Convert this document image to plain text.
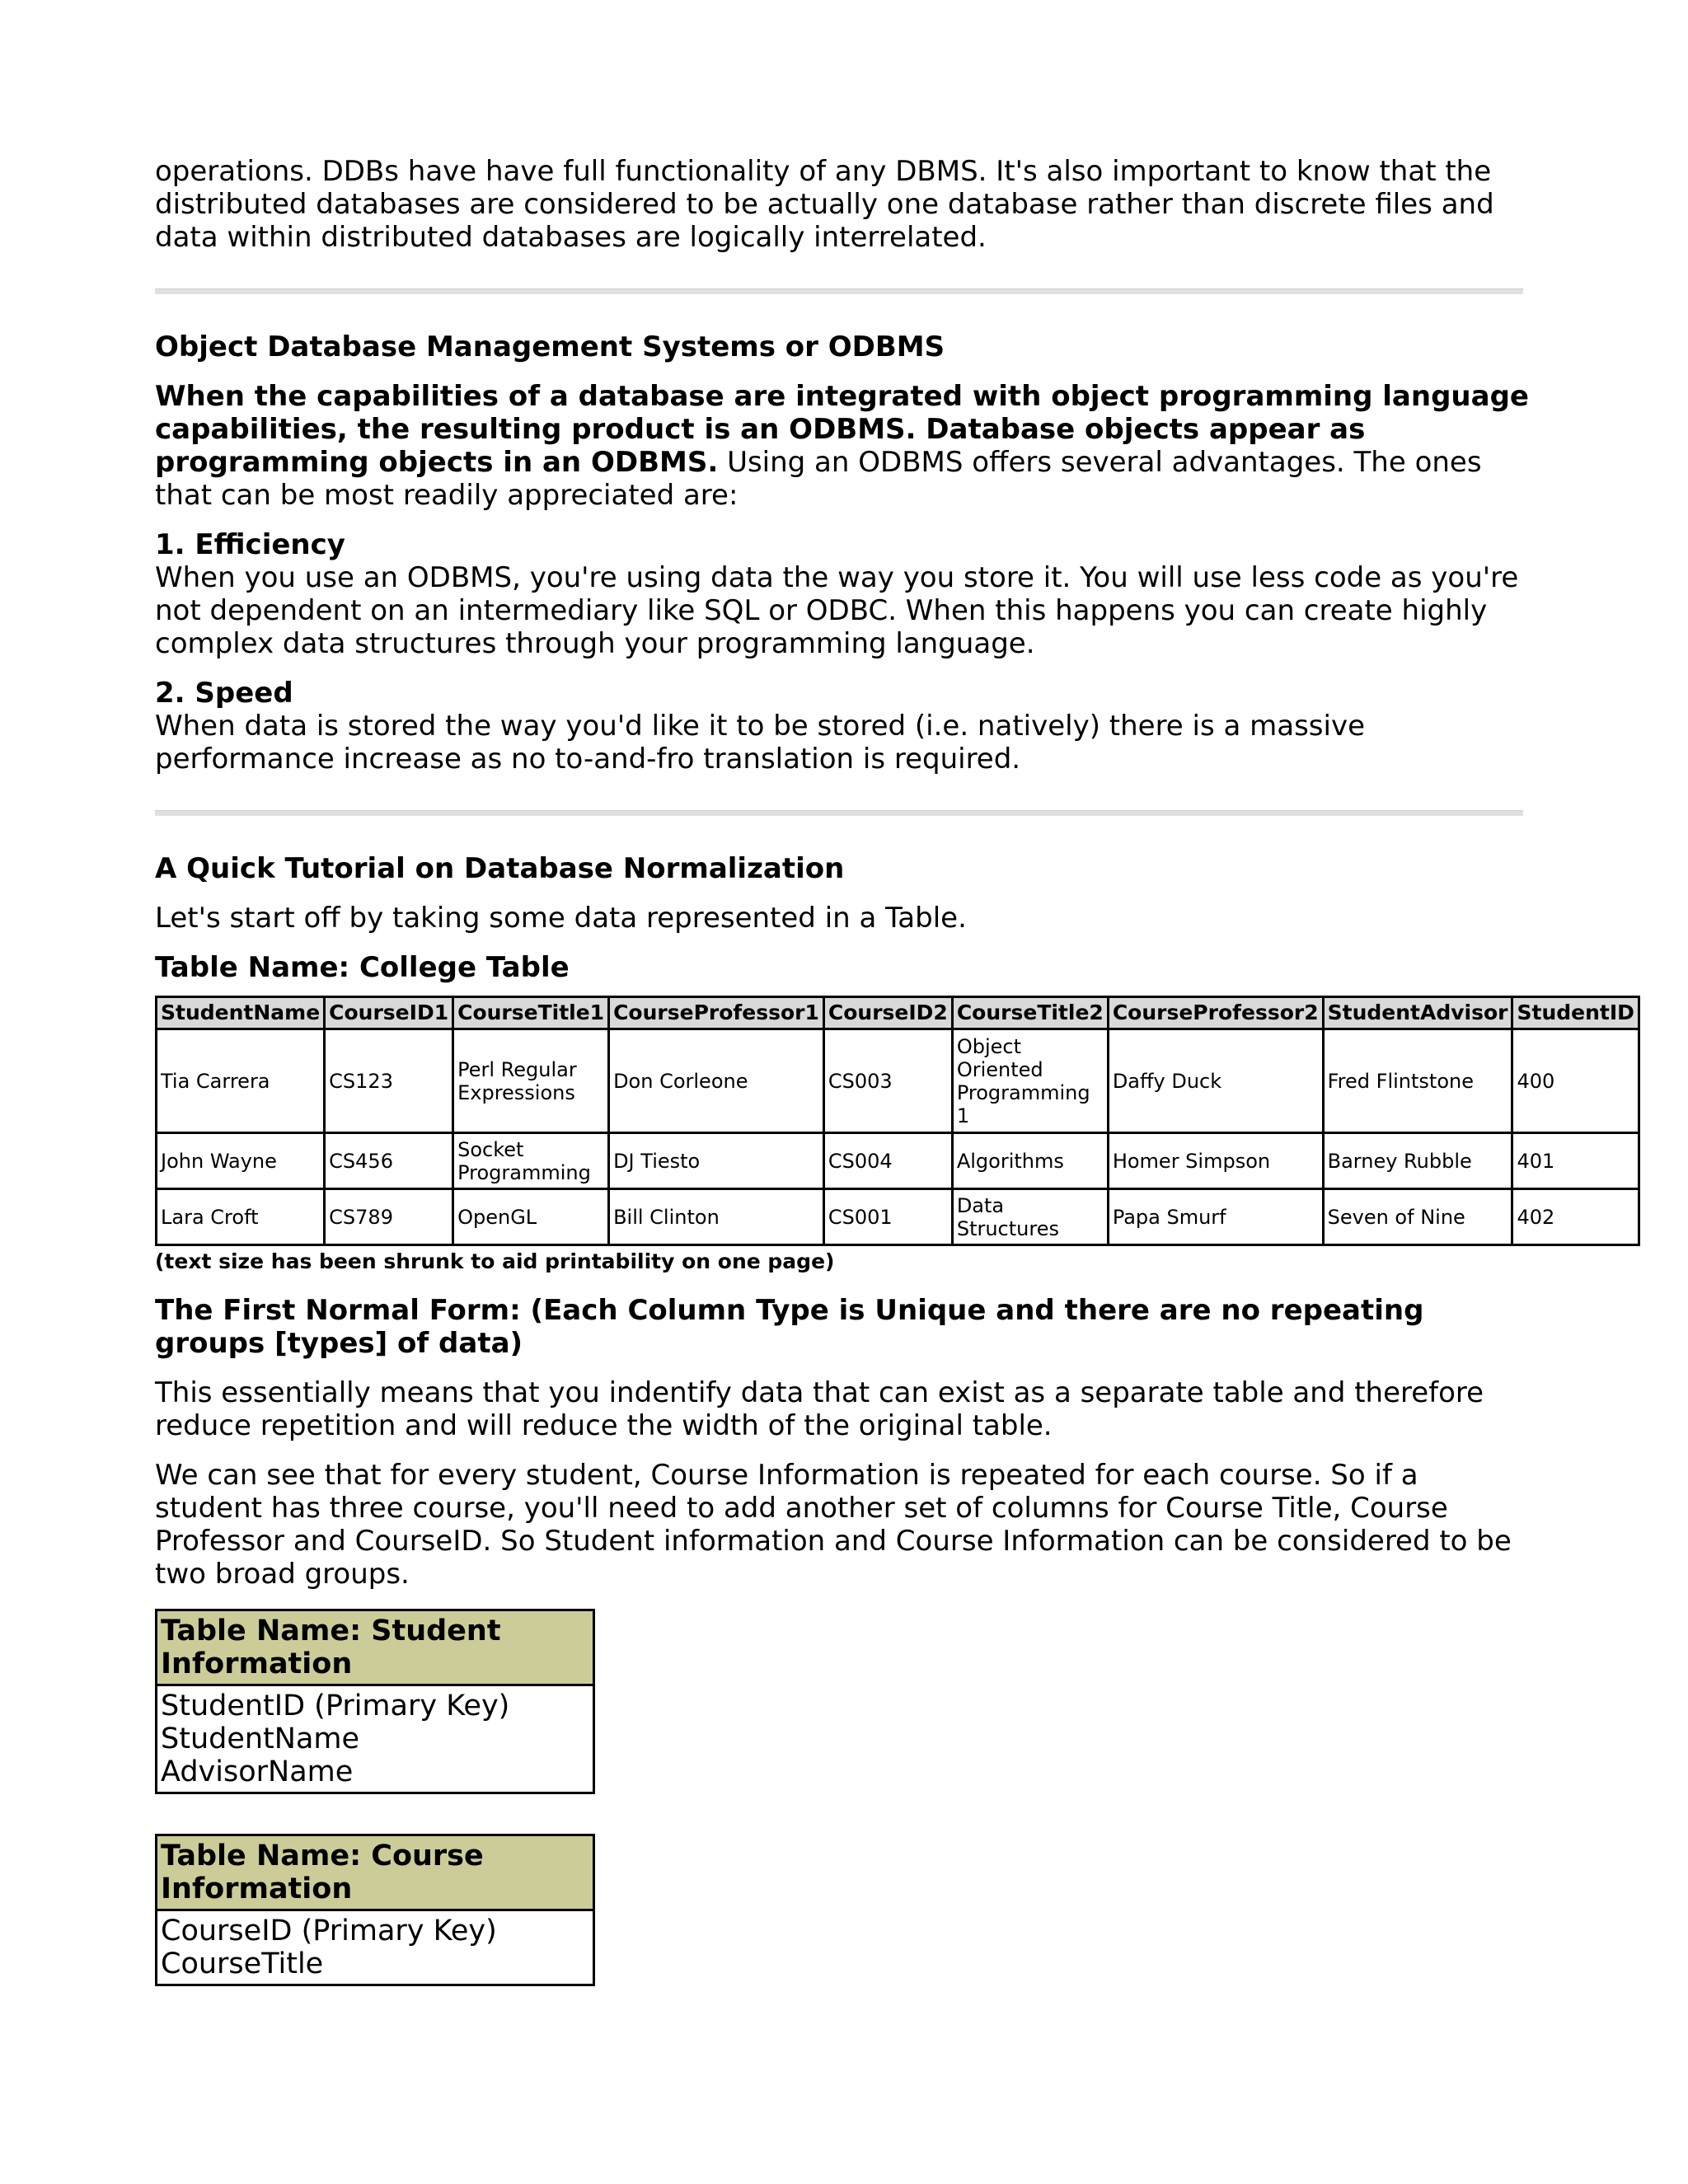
operations. DDBs have have full functionality of any DBMS. It's also important to know that the distributed databases are considered to be actually one database rather than discrete files and data within distributed databases are logically interrelated.

Object Database Management Systems or ODBMS

When the capabilities of a database are integrated with object programming language capabilities, the resulting product is an ODBMS. Database objects appear as programming objects in an ODBMS. Using an ODBMS offers several advantages. The ones that can be most readily appreciated are:

1. Efficiency
When you use an ODBMS, you're using data the way you store it. You will use less code as you're not dependent on an intermediary like SQL or ODBC. When this happens you can create highly complex data structures through your programming language.

2. Speed
When data is stored the way you'd like it to be stored (i.e. natively) there is a massive performance increase as no to-and-fro translation is required.

A Quick Tutorial on Database Normalization

Let's start off by taking some data represented in a Table.

Table Name: College Table
StudentName	CourseID1	CourseTitle1	CourseProfessor1	CourseID2	CourseTitle2	CourseProfessor2	StudentAdvisor	StudentID
Tia Carrera	CS123	Perl Regular Expressions	Don Corleone	CS003	Object Oriented Programming 1	Daffy Duck	Fred Flintstone	400
John Wayne	CS456	Socket Programming	DJ Tiesto	CS004	Algorithms	Homer Simpson	Barney Rubble	401
Lara Croft	CS789	OpenGL	Bill Clinton	CS001	Data Structures	Papa Smurf	Seven of Nine	402
(text size has been shrunk to aid printability on one page)
The First Normal Form: (Each Column Type is Unique and there are no repeating groups [types] of data)

This essentially means that you indentify data that can exist as a separate table and therefore reduce repetition and will reduce the width of the original table.

We can see that for every student, Course Information is repeated for each course. So if a student has three course, you'll need to add another set of columns for Course Title, Course Professor and CourseID. So Student information and Course Information can be considered to be two broad groups.

Table Name: Student Information

StudentID (Primary Key)
StudentName
AdvisorName
Table Name: Course Information

CourseID (Primary Key)
CourseTitle
